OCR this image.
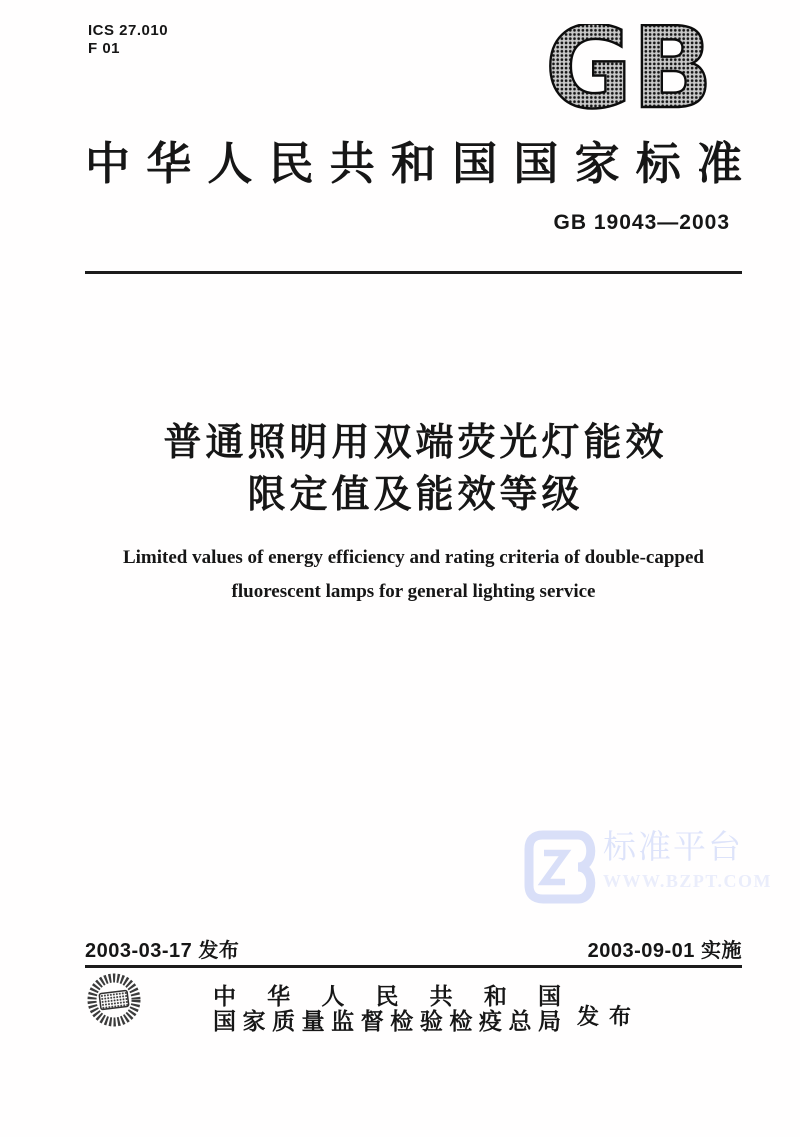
ICS 27.010
F 01	GB
中华人民共和国国家标准
GB 19043—2003
普通照明用双端荧光灯能效
限定值及能效等级
Limited values of energy efficiency and rating criteria of double-capped
fluorescent lamps for general lighting service
标准平台
WWW.BZPT.COM
2003-03-17 发布	2003-09-01 实施
中华人民共和国
国家质量监督检验检疫总局 发布
